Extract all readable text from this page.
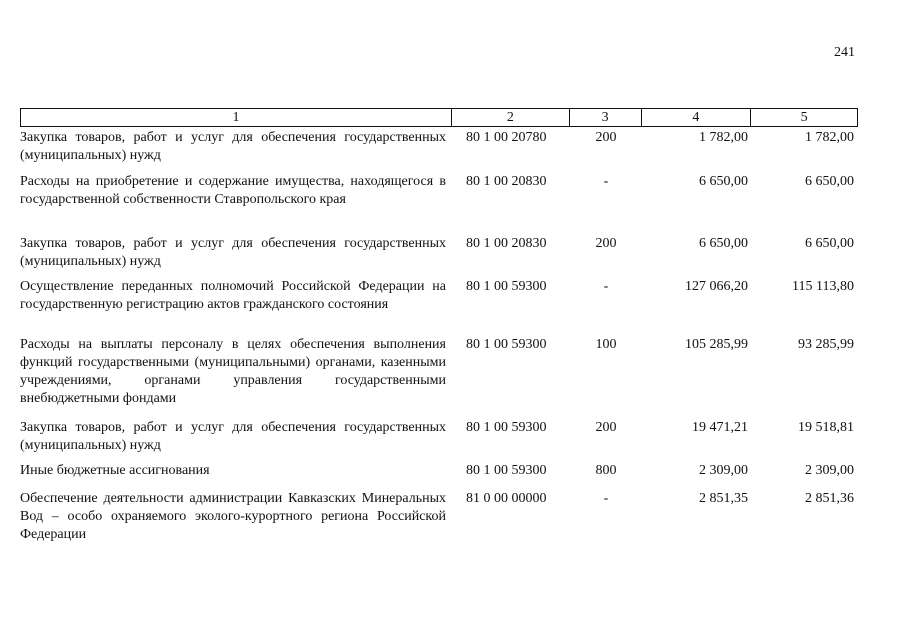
241
1	2	3	4	5
Закупка товаров, работ и услуг для обеспечения государственных (муниципальных) нужд
80 1 00 20780	200	1 782,00	1 782,00
Расходы на приобретение и содержание имущества, находящегося в государственной собственности Ставропольского края
80 1 00 20830	-	6 650,00	6 650,00
Закупка товаров, работ и услуг для обеспечения государственных (муниципальных) нужд
80 1 00 20830	200	6 650,00	6 650,00
Осуществление переданных полномочий Российской Федерации на государственную регистрацию актов гражданского состояния
80 1 00 59300	-	127 066,20	115 113,80
Расходы на выплаты персоналу в целях обеспечения выполнения функций государственными (муниципальными) органами, казенными учреждениями, органами управления государственными внебюджетными фондами
80 1 00 59300	100	105 285,99	93 285,99
Закупка товаров, работ и услуг для обеспечения государственных (муниципальных) нужд
80 1 00 59300	200	19 471,21	19 518,81
Иные бюджетные ассигнования	80 1 00 59300	800	2 309,00	2 309,00
Обеспечение деятельности администрации Кавказских Минеральных Вод – особо охраняемого эколого-курортного региона Российской Федерации
81 0 00 00000	-	2 851,35	2 851,36
